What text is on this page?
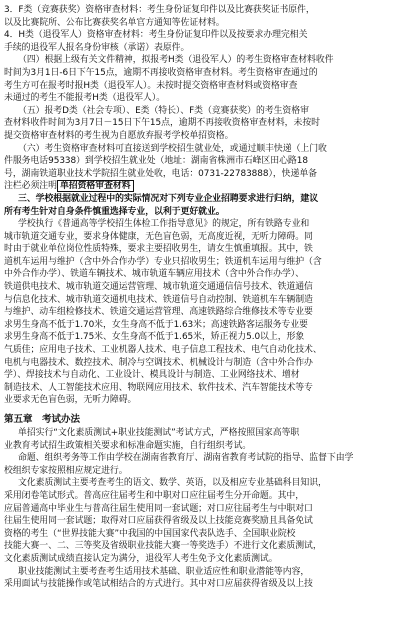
3．F类（竞赛获奖）资格审查材料：考生身份证复印件以及比赛获奖证书原件，
以及比赛院所、公布比赛获奖名单官方通知等佐证材料。
4．H类（退役军人）资格审查材料：考生身份证复印件以及按要求办理完相关
手续的退役军人报名身份审核（承诺）表原件。
（四）根据上级有关文件精神，拟报考H类（退役军人）的考生资格审查材料收件
时间为3月1日-6日下午15点，逾期不再接收资格审查材料。考生资格审查通过的
考生方可在报考时报H类（退役军人）。未按时提交资格审查材料或资格审查
未通过的考生不能报考H类（退役军人）。
（五）报考D类（社会专项）、E类（特长）、F类（竞赛获奖）的考生资格审
查材料收件时间为3月7日－15日下午15点，逾期不再接收资格审查材料，未按时
提交资格审查材料的考生视为自愿放弃报考学校单招资格。
（六）考生资格审查材料可直接送到学校招生就业处，或通过顺丰快递（上门收
件服务电话95338）到学校招生就业处（地址：湖南省株洲市石峰区田心路18
号，湖南铁道职业技术学院招生就业处收，电话：0731-22783888），快递单备
注栏必须注明 单招资格审查材料
三、学校根据就业过程中的实际情况对下列专业企业招聘要求进行归纳，建议
所有考生针对自身条件慎重选择专业，以利于更好就业。
学校执行《普通高等学校招生体检工作指导意见》的规定，所有铁路专业和
城市轨道交通专业，要求身体健康，无色盲色弱，无高度近视，无听力障碍。同
时由于就业单位岗位性质特殊，要求主要招收男生，请女生慎重填报。其中，铁
道机车运用与维护（含中外合作办学）专业只招收男生；铁道机车运用与维护（含
中外合作办学）、铁道车辆技术、城市轨道车辆应用技术（含中外合作办学）、
铁道供电技术、城市轨道交通运营管理、城市轨道交通通信信号技术、铁道通信
与信息化技术、城市轨道交通机电技术、铁道信号自动控制、铁道机车车辆制造
与维护、动车组检修技术、铁道交通运营管理、高速铁路综合维修技术等专业要
求男生身高不低于1.70米，女生身高不低于1.63米；高速铁路客运服务专业要
求男生身高不低于1.75米、女生身高不低于1.65米，矫正视力5.0以上，形象
气质佳；应用电子技术、工业机器人技术、电子信息工程技术、电气自动化技术、
电机与电器技术、数控技术、制冷与空调技术、机械设计与制造（含中外合作办
学）、焊接技术与自动化、工业设计、模具设计与制造、工业网络技术、增材
制造技术、人工智能技术应用、物联网应用技术、软件技术、汽车智能技术等专
业要求无色盲色弱，无听力障碍。
第五章　考试办法
单招实行“文化素质测试+职业技能测试”考试方式，严格按照国家高等职
业教育考试招生政策相关要求和标准命题实施，自行组织考试。
命题、组织考务等工作由学校在湖南省教育厅、湖南省教育考试院的指导、监督下由学
校组织专家按照相应规定进行。
文化素质测试主要考查考生的语文、数学、英语，以及相应专业基础科目知识，
采用闭卷笔试形式。普高应往届考生和中职对口应往届考生分开命题。其中，
应届普通高中毕业生与普高往届生使用同一套试题；对口应往届考生与中职对口
往届生使用同一套试题；取得对口应届获得省级及以上技能竞赛奖励且具备免试
资格的考生（“世界技能大赛”中我国的中国国家代表队选手、全国职业院校
技能大赛一、二、三等奖及省级职业技能大赛一等奖选手）不进行文化素质测试，
文化素质测试成绩直接认定为满分，退役军人考生免予文化素质测试。
职业技能测试主要考查考生适用技术基础、职业适应性和职业潜能等内容，
采用面试与技能操作或笔试相结合的方式进行。其中对口应届获得省级及以上技
